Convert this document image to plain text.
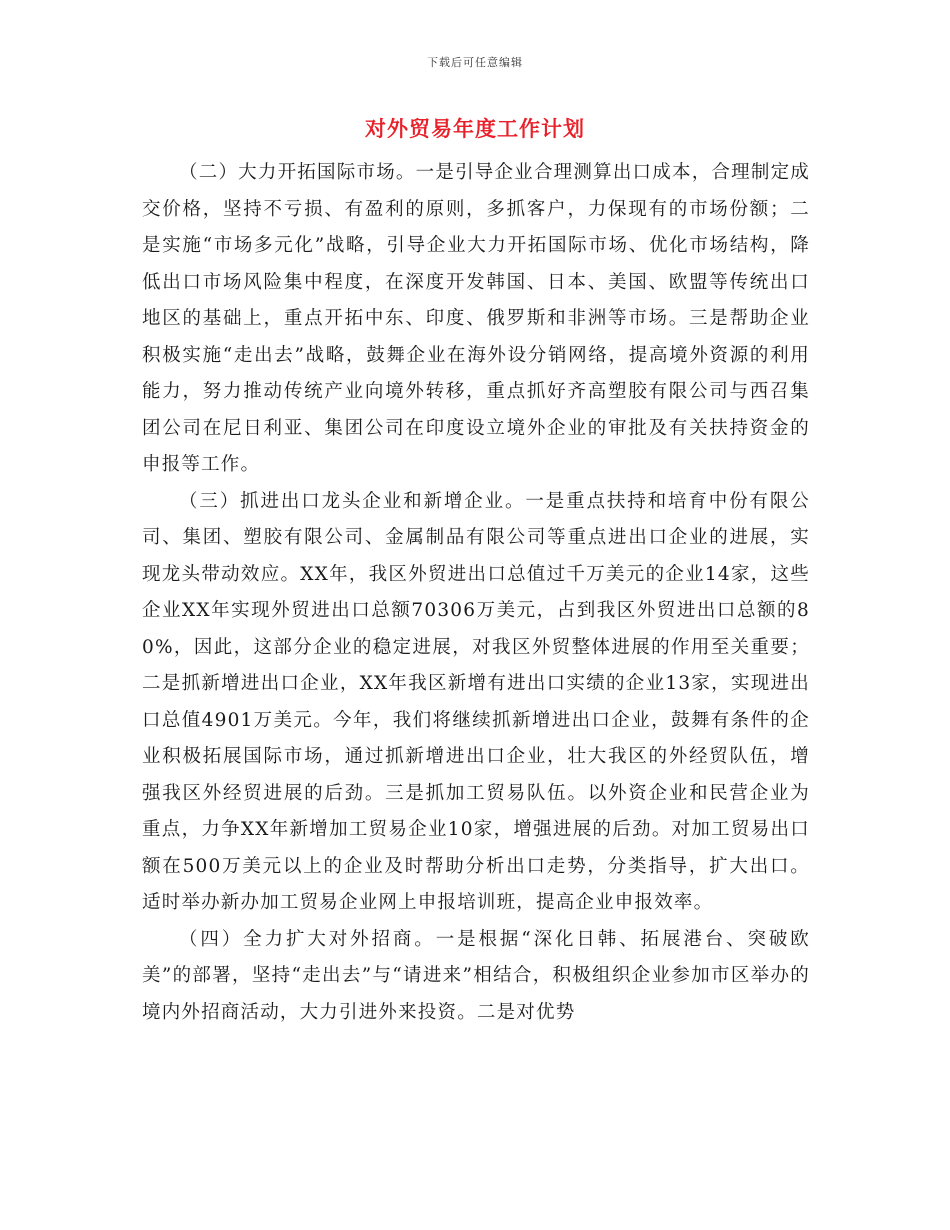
下载后可任意编辑
对外贸易年度工作计划

（二）大力开拓国际市场。一是引导企业合理测算出口成本，合理制定成交价格，坚持不亏损、有盈利的原则，多抓客户，力保现有的市场份额；二是实施“市场多元化”战略，引导企业大力开拓国际市场、优化市场结构，降低出口市场风险集中程度，在深度开发韩国、日本、美国、欧盟等传统出口地区的基础上，重点开拓中东、印度、俄罗斯和非洲等市场。三是帮助企业积极实施“走出去”战略，鼓舞企业在海外设分销网络，提高境外资源的利用能力，努力推动传统产业向境外转移，重点抓好齐高塑胶有限公司与西召集团公司在尼日利亚、集团公司在印度设立境外企业的审批及有关扶持资金的申报等工作。

（三）抓进出口龙头企业和新增企业。一是重点扶持和培育中份有限公司、集团、塑胶有限公司、金属制品有限公司等重点进出口企业的进展，实现龙头带动效应。XX年，我区外贸进出口总值过千万美元的企业14家，这些企业XX年实现外贸进出口总额70306万美元，占到我区外贸进出口总额的80%，因此，这部分企业的稳定进展，对我区外贸整体进展的作用至关重要；二是抓新增进出口企业，XX年我区新增有进出口实绩的企业13家，实现进出口总值4901万美元。今年，我们将继续抓新增进出口企业，鼓舞有条件的企业积极拓展国际市场，通过抓新增进出口企业，壮大我区的外经贸队伍，增强我区外经贸进展的后劲。三是抓加工贸易队伍。以外资企业和民营企业为重点，力争XX年新增加工贸易企业10家，增强进展的后劲。对加工贸易出口额在500万美元以上的企业及时帮助分析出口走势，分类指导，扩大出口。适时举办新办加工贸易企业网上申报培训班，提高企业申报效率。

（四）全力扩大对外招商。一是根据“深化日韩、拓展港台、突破欧美”的部署，坚持“走出去”与“请进来”相结合，积极组织企业参加市区举办的境内外招商活动，大力引进外来投资。二是对优势
